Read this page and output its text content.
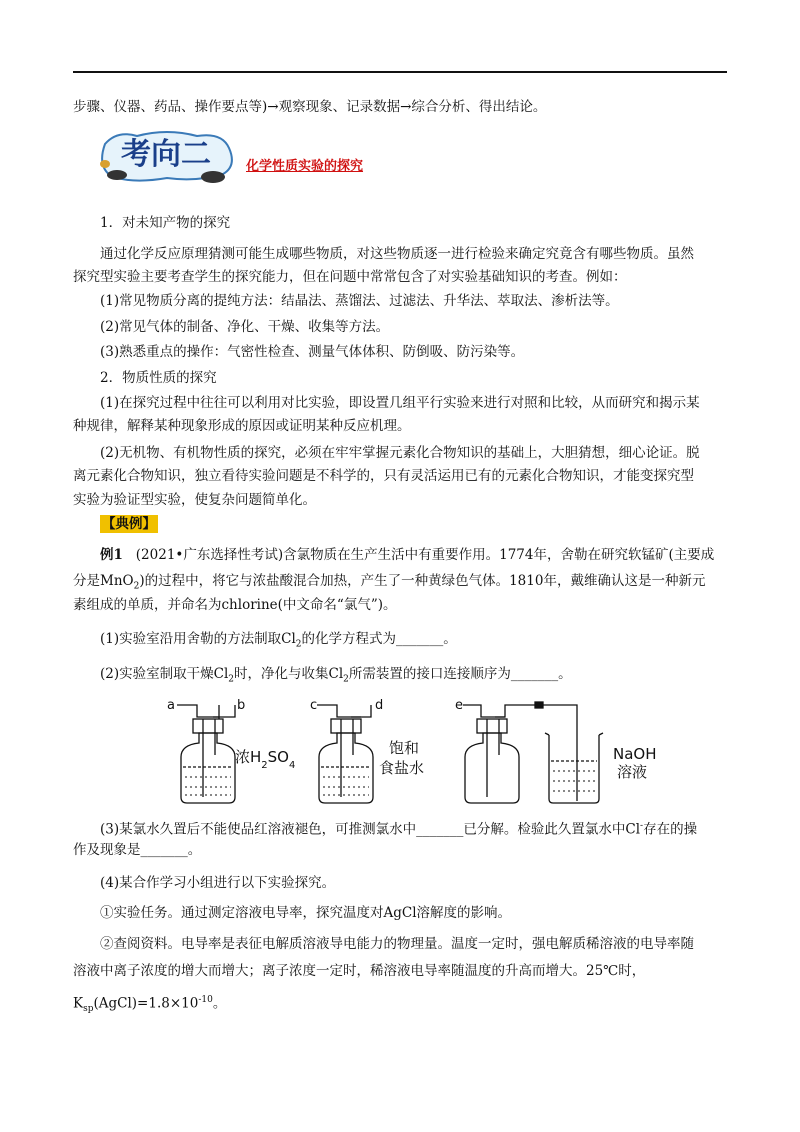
步骤、仪器、药品、操作要点等)→观察现象、记录数据→综合分析、得出结论。
考向二	化学性质实验的探究
1．对未知产物的探究
通过化学反应原理猜测可能生成哪些物质，对这些物质逐一进行检验来确定究竟含有哪些物质。虽然
探究型实验主要考查学生的探究能力，但在问题中常常包含了对实验基础知识的考查。例如：
(1)常见物质分离的提纯方法：结晶法、蒸馏法、过滤法、升华法、萃取法、渗析法等。
(2)常见气体的制备、净化、干燥、收集等方法。
(3)熟悉重点的操作：气密性检查、测量气体体积、防倒吸、防污染等。
2．物质性质的探究
(1)在探究过程中往往可以利用对比实验，即设置几组平行实验来进行对照和比较，从而研究和揭示某
种规律，解释某种现象形成的原因或证明某种反应机理。
(2)无机物、有机物性质的探究，必须在牢牢掌握元素化合物知识的基础上，大胆猜想，细心论证。脱
离元素化合物知识，独立看待实验问题是不科学的，只有灵活运用已有的元素化合物知识，才能变探究型
实验为验证型实验，使复杂问题简单化。
【典例】
例1 (2021•广东选择性考试)含氯物质在生产生活中有重要作用。1774年，舍勒在研究软锰矿(主要成
分是MnO$_2$)的过程中，将它与浓盐酸混合加热，产生了一种黄绿色气体。1810年，戴维确认这是一种新元
素组成的单质，并命名为chlorine(中文命名“氯气”)。
(1)实验室沿用舍勒的方法制取$Cl_2$的化学方程式为_______。
(2)实验室制取干燥$Cl_2$时，净化与收集$Cl_2$所需装置的接口连接顺序为_______。
a	b
浓$H_2SO_4$
c	d
饱和
食盐水
e
NaOH
溶液
(3)某氯水久置后不能使品红溶液褪色，可推测氯水中_______已分解。检验此久置氯水中Cl-存在的操
作及现象是_______。
(4)某合作学习小组进行以下实验探究。
①实验任务。通过测定溶液电导率，探究温度对AgCl溶解度的影响。
②查阅资料。电导率是表征电解质溶液导电能力的物理量。温度一定时，强电解质稀溶液的电导率随
溶液中离子浓度的增大而增大；离子浓度一定时，稀溶液电导率随温度的升高而增大。25℃时，
$K_{sp}(AgCl)=1.8\times 10^{-10}$。
